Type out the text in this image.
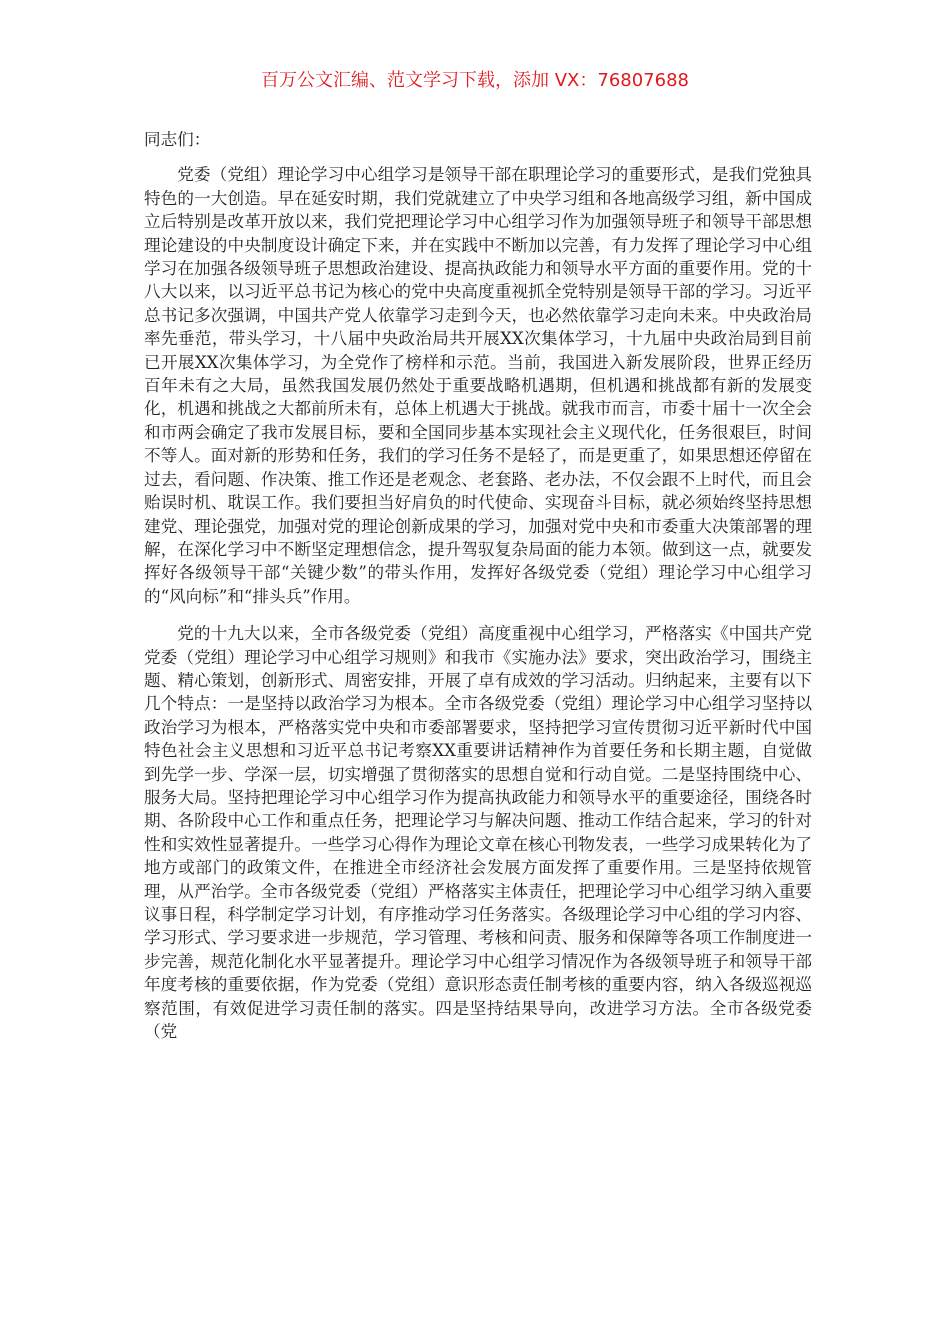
百万公文汇编、范文学习下载，添加 VX：76807688

同志们：

党委（党组）理论学习中心组学习是领导干部在职理论学习的重要形式，是我们党独具特色的一大创造。早在延安时期，我们党就建立了中央学习组和各地高级学习组，新中国成立后特别是改革开放以来，我们党把理论学习中心组学习作为加强领导班子和领导干部思想理论建设的中央制度设计确定下来，并在实践中不断加以完善，有力发挥了理论学习中心组学习在加强各级领导班子思想政治建设、提高执政能力和领导水平方面的重要作用。党的十八大以来，以习近平总书记为核心的党中央高度重视抓全党特别是领导干部的学习。习近平总书记多次强调，中国共产党人依靠学习走到今天，也必然依靠学习走向未来。中央政治局率先垂范，带头学习，十八届中央政治局共开展XX次集体学习，十九届中央政治局到目前已开展XX次集体学习，为全党作了榜样和示范。当前，我国进入新发展阶段，世界正经历百年未有之大局，虽然我国发展仍然处于重要战略机遇期，但机遇和挑战都有新的发展变化，机遇和挑战之大都前所未有，总体上机遇大于挑战。就我市而言，市委十届十一次全会和市两会确定了我市发展目标，要和全国同步基本实现社会主义现代化，任务很艰巨，时间不等人。面对新的形势和任务，我们的学习任务不是轻了，而是更重了，如果思想还停留在过去，看问题、作决策、推工作还是老观念、老套路、老办法，不仅会跟不上时代，而且会贻误时机、耽误工作。我们要担当好肩负的时代使命、实现奋斗目标，就必须始终坚持思想建党、理论强党，加强对党的理论创新成果的学习，加强对党中央和市委重大决策部署的理解，在深化学习中不断坚定理想信念，提升驾驭复杂局面的能力本领。做到这一点，就要发挥好各级领导干部“关键少数”的带头作用，发挥好各级党委（党组）理论学习中心组学习的“风向标”和“排头兵”作用。

党的十九大以来，全市各级党委（党组）高度重视中心组学习，严格落实《中国共产党党委（党组）理论学习中心组学习规则》和我市《实施办法》要求，突出政治学习，围绕主题、精心策划，创新形式、周密安排，开展了卓有成效的学习活动。归纳起来，主要有以下几个特点：一是坚持以政治学习为根本。全市各级党委（党组）理论学习中心组学习坚持以政治学习为根本，严格落实党中央和市委部署要求，坚持把学习宣传贯彻习近平新时代中国特色社会主义思想和习近平总书记考察XX重要讲话精神作为首要任务和长期主题，自觉做到先学一步、学深一层，切实增强了贯彻落实的思想自觉和行动自觉。二是坚持围绕中心、服务大局。坚持把理论学习中心组学习作为提高执政能力和领导水平的重要途径，围绕各时期、各阶段中心工作和重点任务，把理论学习与解决问题、推动工作结合起来，学习的针对性和实效性显著提升。一些学习心得作为理论文章在核心刊物发表，一些学习成果转化为了地方或部门的政策文件，在推进全市经济社会发展方面发挥了重要作用。三是坚持依规管理，从严治学。全市各级党委（党组）严格落实主体责任，把理论学习中心组学习纳入重要议事日程，科学制定学习计划，有序推动学习任务落实。各级理论学习中心组的学习内容、学习形式、学习要求进一步规范，学习管理、考核和问责、服务和保障等各项工作制度进一步完善，规范化制化水平显著提升。理论学习中心组学习情况作为各级领导班子和领导干部年度考核的重要依据，作为党委（党组）意识形态责任制考核的重要内容，纳入各级巡视巡察范围，有效促进学习责任制的落实。四是坚持结果导向，改进学习方法。全市各级党委（党
